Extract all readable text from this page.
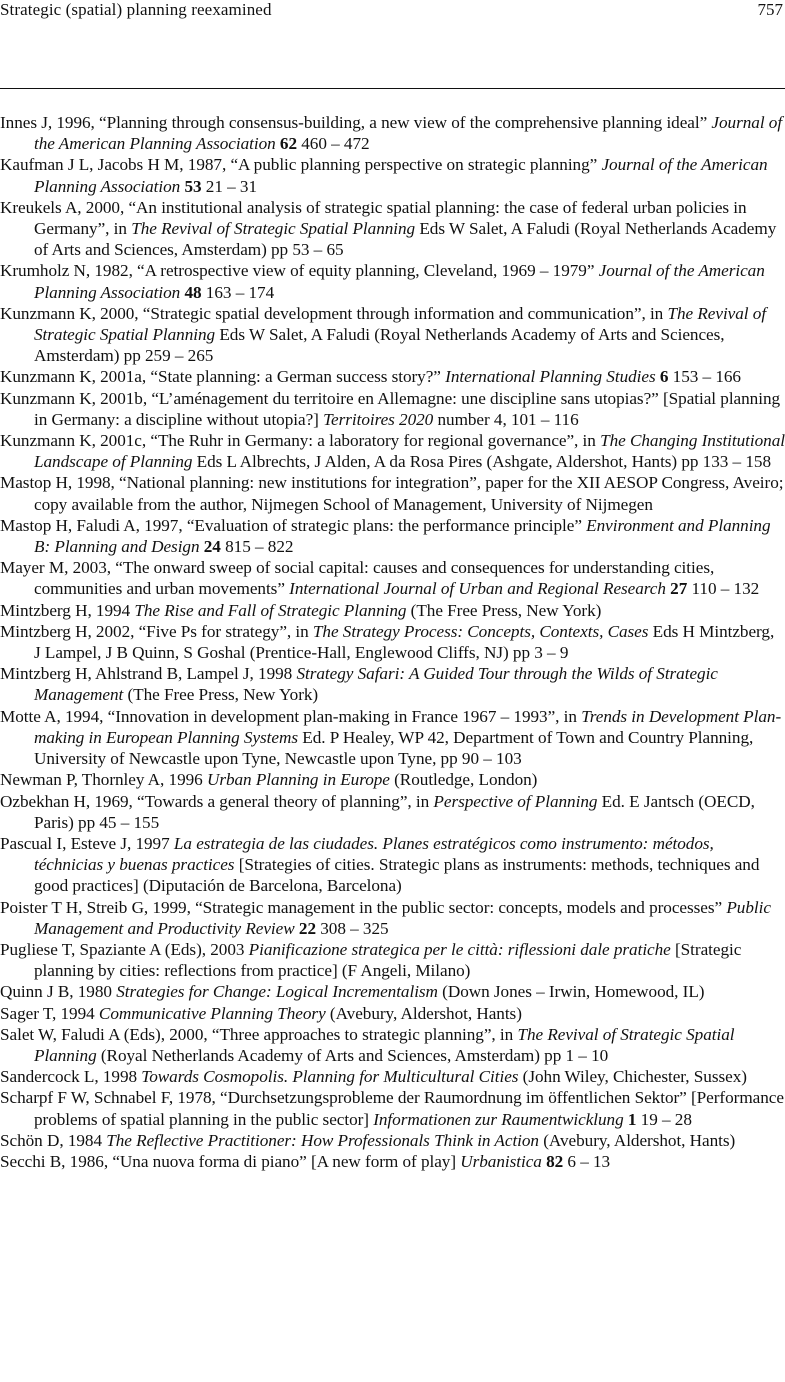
Strategic (spatial) planning reexamined	757

Innes J, 1996, “Planning through consensus-building, a new view of the comprehensive planning ideal” Journal of the American Planning Association 62 460 – 472

Kaufman J L, Jacobs H M, 1987, “A public planning perspective on strategic planning” Journal of the American Planning Association 53 21 – 31

Kreukels A, 2000, “An institutional analysis of strategic spatial planning: the case of federal urban policies in Germany”, in The Revival of Strategic Spatial Planning Eds W Salet, A Faludi (Royal Netherlands Academy of Arts and Sciences, Amsterdam) pp 53 – 65

Krumholz N, 1982, “A retrospective view of equity planning, Cleveland, 1969 – 1979” Journal of the American Planning Association 48 163 – 174

Kunzmann K, 2000, “Strategic spatial development through information and communication”, in The Revival of Strategic Spatial Planning Eds W Salet, A Faludi (Royal Netherlands Academy of Arts and Sciences, Amsterdam) pp 259 – 265

Kunzmann K, 2001a, “State planning: a German success story?” International Planning Studies 6 153 – 166

Kunzmann K, 2001b, “L’aménagement du territoire en Allemagne: une discipline sans utopias?” [Spatial planning in Germany: a discipline without utopia?] Territoires 2020 number 4, 101 – 116

Kunzmann K, 2001c, “The Ruhr in Germany: a laboratory for regional governance”, in The Changing Institutional Landscape of Planning Eds L Albrechts, J Alden, A da Rosa Pires (Ashgate, Aldershot, Hants) pp 133 – 158

Mastop H, 1998, “National planning: new institutions for integration”, paper for the XII AESOP Congress, Aveiro; copy available from the author, Nijmegen School of Management, University of Nijmegen

Mastop H, Faludi A, 1997, “Evaluation of strategic plans: the performance principle” Environment and Planning B: Planning and Design 24 815 – 822

Mayer M, 2003, “The onward sweep of social capital: causes and consequences for understanding cities, communities and urban movements” International Journal of Urban and Regional Research 27 110 – 132

Mintzberg H, 1994 The Rise and Fall of Strategic Planning (The Free Press, New York)

Mintzberg H, 2002, “Five Ps for strategy”, in The Strategy Process: Concepts, Contexts, Cases Eds H Mintzberg, J Lampel, J B Quinn, S Goshal (Prentice-Hall, Englewood Cliffs, NJ) pp 3 – 9

Mintzberg H, Ahlstrand B, Lampel J, 1998 Strategy Safari: A Guided Tour through the Wilds of Strategic Management (The Free Press, New York)

Motte A, 1994, “Innovation in development plan-making in France 1967 – 1993”, in Trends in Development Plan-making in European Planning Systems Ed. P Healey, WP 42, Department of Town and Country Planning, University of Newcastle upon Tyne, Newcastle upon Tyne, pp 90 – 103

Newman P, Thornley A, 1996 Urban Planning in Europe (Routledge, London)

Ozbekhan H, 1969, “Towards a general theory of planning”, in Perspective of Planning Ed. E Jantsch (OECD, Paris) pp 45 – 155

Pascual I, Esteve J, 1997 La estrategia de las ciudades. Planes estratégicos como instrumento: métodos, téchnicias y buenas practices [Strategies of cities. Strategic plans as instruments: methods, techniques and good practices] (Diputación de Barcelona, Barcelona)

Poister T H, Streib G, 1999, “Strategic management in the public sector: concepts, models and processes” Public Management and Productivity Review 22 308 – 325

Pugliese T, Spaziante A (Eds), 2003 Pianificazione strategica per le città: riflessioni dale pratiche [Strategic planning by cities: reflections from practice] (F Angeli, Milano)

Quinn J B, 1980 Strategies for Change: Logical Incrementalism (Down Jones – Irwin, Homewood, IL)

Sager T, 1994 Communicative Planning Theory (Avebury, Aldershot, Hants)

Salet W, Faludi A (Eds), 2000, “Three approaches to strategic planning”, in The Revival of Strategic Spatial Planning (Royal Netherlands Academy of Arts and Sciences, Amsterdam) pp 1 – 10

Sandercock L, 1998 Towards Cosmopolis. Planning for Multicultural Cities (John Wiley, Chichester, Sussex)

Scharpf F W, Schnabel F, 1978, “Durchsetzungsprobleme der Raumordnung im öffentlichen Sektor” [Performance problems of spatial planning in the public sector] Informationen zur Raumentwicklung 1 19 – 28

Schön D, 1984 The Reflective Practitioner: How Professionals Think in Action (Avebury, Aldershot, Hants)

Secchi B, 1986, “Una nuova forma di piano” [A new form of play] Urbanistica 82 6 – 13
